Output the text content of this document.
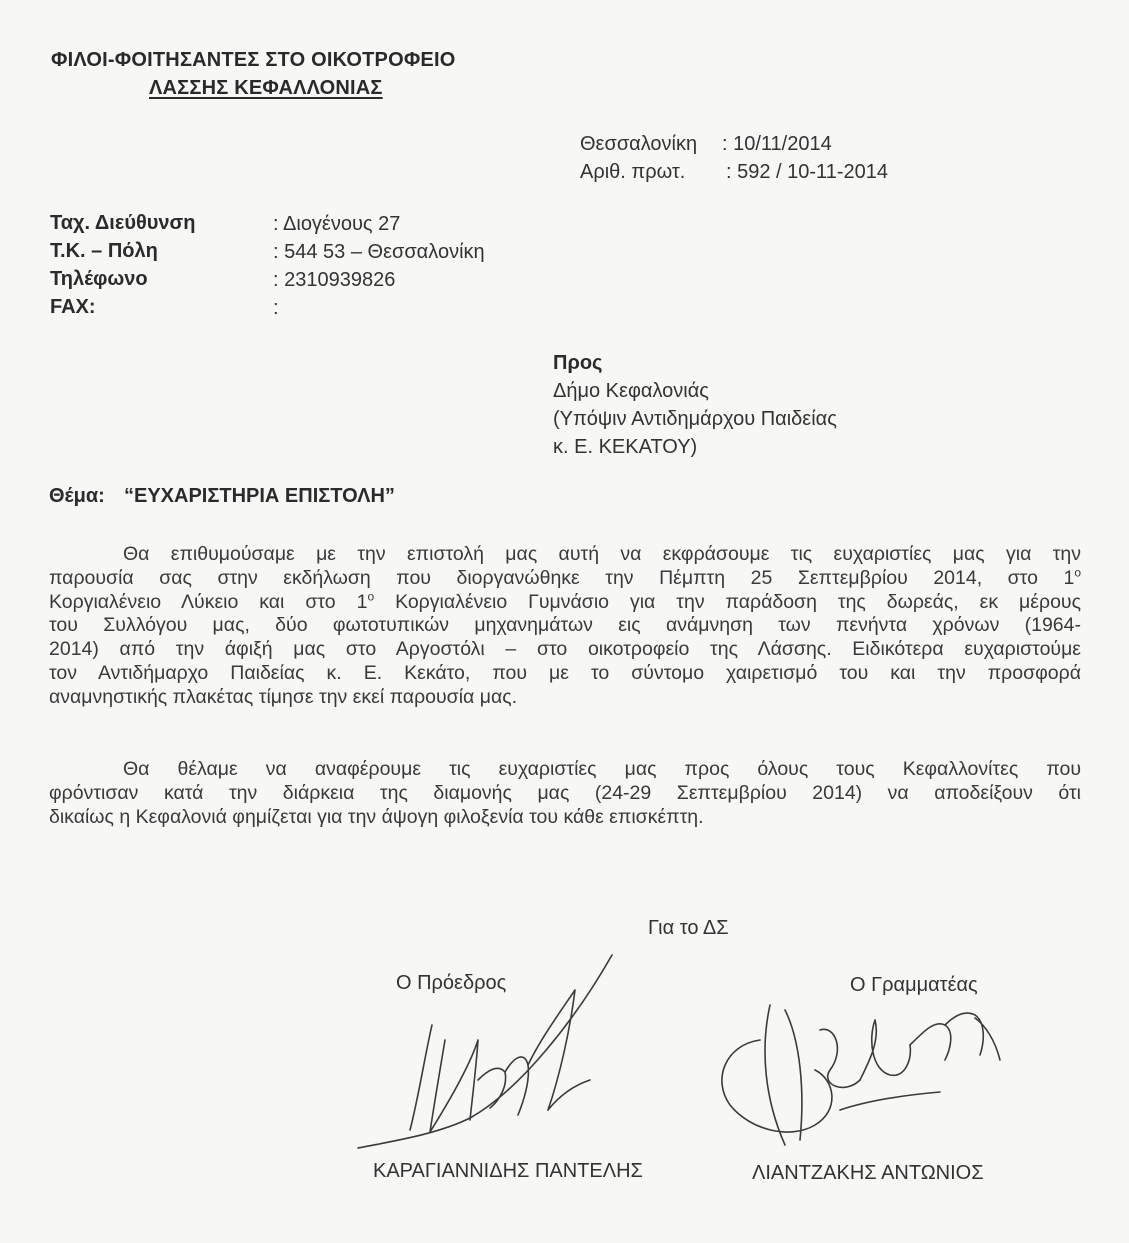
ΦΙΛΟΙ-ΦΟΙΤΗΣΑΝΤΕΣ ΣΤΟ ΟΙΚΟΤΡΟΦΕΙΟ
ΛΑΣΣΗΣ ΚΕΦΑΛΛΟΝΙΑΣ
Θεσσαλονίκη : 10/11/2014
Αριθ. πρωτ. : 592 / 10-11-2014
Ταχ. Διεύθυνση	: Διογένους 27
Τ.Κ. – Πόλη	: 544 53 – Θεσσαλονίκη
Τηλέφωνο	: 2310939826
FAX:	:
Προς
Δήμο Κεφαλονιάς
(Υπόψιν Αντιδημάρχου Παιδείας
κ. Ε. ΚΕΚΑΤΟΥ)
Θέμα: “ΕΥΧΑΡΙΣΤΗΡΙΑ ΕΠΙΣΤΟΛΗ”
Θα επιθυμούσαμε με την επιστολή μας αυτή να εκφράσουμε τις ευχαριστίες μας για την
παρουσία σας στην εκδήλωση που διοργανώθηκε την Πέμπτη 25 Σεπτεμβρίου 2014, στο $1^o$
Κοργιαλένειο Λύκειο και στο $1^o$ Κοργιαλένειο Γυμνάσιο για την παράδοση της δωρεάς, εκ μέρους
του Συλλόγου μας, δύο φωτοτυπικών μηχανημάτων εις ανάμνηση των πενήντα χρόνων (1964-
2014) από την άφιξή μας στο Αργοστόλι – στο οικοτροφείο της Λάσσης. Ειδικότερα ευχαριστούμε
τον Αντιδήμαρχο Παιδείας κ. Ε. Κεκάτο, που με το σύντομο χαιρετισμό του και την προσφορά
αναμνηστικής πλακέτας τίμησε την εκεί παρουσία μας.
Θα θέλαμε να αναφέρουμε τις ευχαριστίες μας προς όλους τους Κεφαλλονίτες που
φρόντισαν κατά την διάρκεια της διαμονής μας (24-29 Σεπτεμβρίου 2014) να αποδείξουν ότι
δικαίως η Κεφαλονιά φημίζεται για την άψογη φιλοξενία του κάθε επισκέπτη.
Για το ΔΣ
Ο Πρόεδρος	Ο Γραμματέας
ΚΑΡΑΓΙΑΝΝΙΔΗΣ ΠΑΝΤΕΛΗΣ	ΛΙΑΝΤΖΑΚΗΣ ΑΝΤΩΝΙΟΣ
